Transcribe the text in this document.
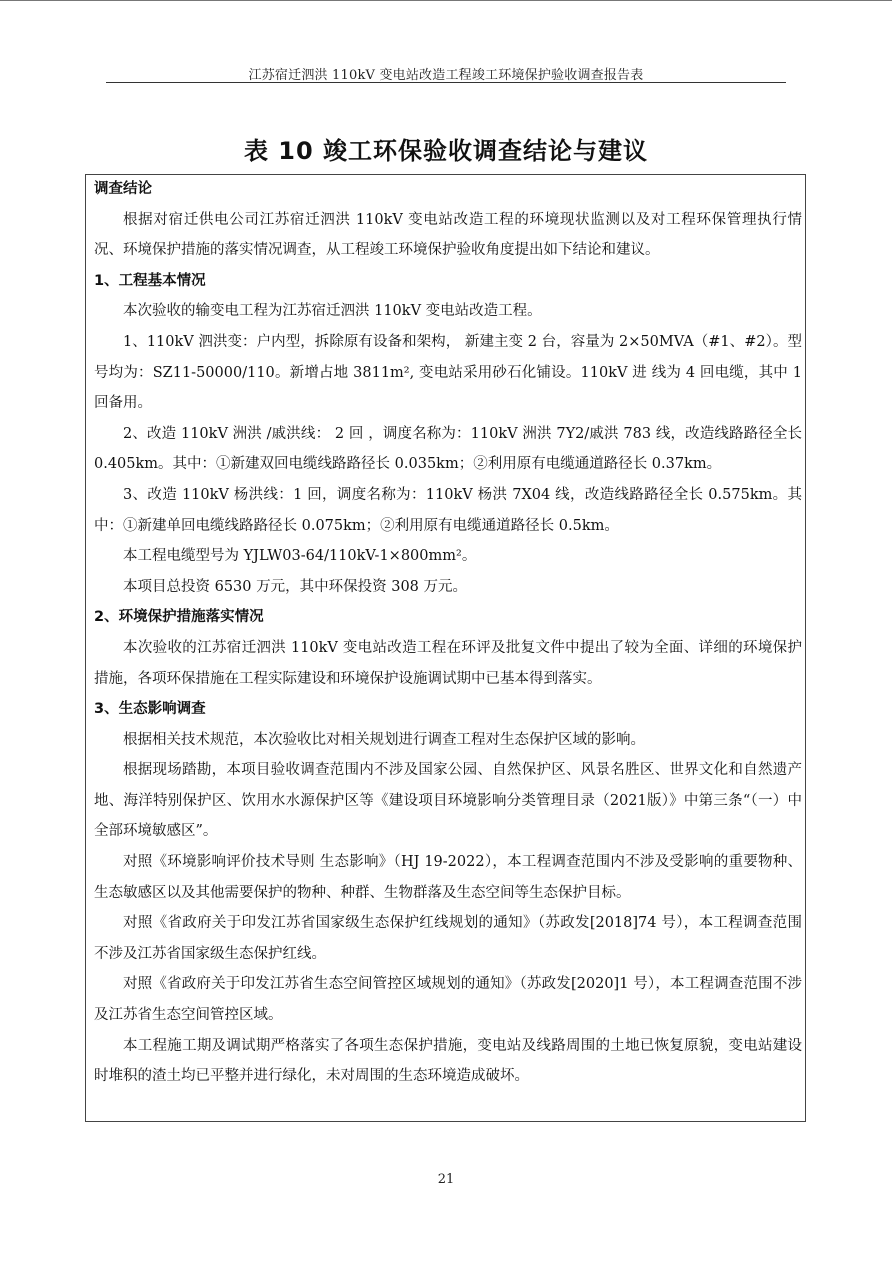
江苏宿迁泗洪 110kV 变电站改造工程竣工环境保护验收调查报告表
表 10 竣工环保验收调查结论与建议

调查结论

根据对宿迁供电公司江苏宿迁泗洪 110kV 变电站改造工程的环境现状监测以及对工程环保管理执行情况、环境保护措施的落实情况调查，从工程竣工环境保护验收角度提出如下结论和建议。

1、工程基本情况

本次验收的输变电工程为江苏宿迁泗洪 110kV 变电站改造工程。

1、110kV 泗洪变：户内型，拆除原有设备和架构， 新建主变 2 台，容量为 2×50MVA（#1、#2）。型号均为：SZ11-50000/110。新增占地 3811m², 变电站采用砂石化铺设。110kV 进 线为 4 回电缆，其中 1 回备用。

2、改造 110kV 洲洪 /戚洪线： 2 回 ，调度名称为：110kV 洲洪 7Y2/戚洪 783 线，改造线路路径全长 0.405km。其中：①新建双回电缆线路路径长 0.035km；②利用原有电缆通道路径长 0.37km。

3、改造 110kV 杨洪线：1 回，调度名称为：110kV 杨洪 7X04 线，改造线路路径全长 0.575km。其中：①新建单回电缆线路路径长 0.075km；②利用原有电缆通道路径长 0.5km。

本工程电缆型号为 YJLW03-64/110kV-1×800mm²。

本项目总投资 6530 万元，其中环保投资 308 万元。

2、环境保护措施落实情况

本次验收的江苏宿迁泗洪 110kV 变电站改造工程在环评及批复文件中提出了较为全面、详细的环境保护措施，各项环保措施在工程实际建设和环境保护设施调试期中已基本得到落实。

3、生态影响调查

根据相关技术规范，本次验收比对相关规划进行调查工程对生态保护区域的影响。

根据现场踏勘，本项目验收调查范围内不涉及国家公园、自然保护区、风景名胜区、世界文化和自然遗产地、海洋特别保护区、饮用水水源保护区等《建设项目环境影响分类管理目录（2021版）》中第三条“（一）中全部环境敏感区”。

对照《环境影响评价技术导则 生态影响》（HJ 19-2022），本工程调查范围内不涉及受影响的重要物种、生态敏感区以及其他需要保护的物种、种群、生物群落及生态空间等生态保护目标。

对照《省政府关于印发江苏省国家级生态保护红线规划的通知》（苏政发[2018]74 号），本工程调查范围不涉及江苏省国家级生态保护红线。

对照《省政府关于印发江苏省生态空间管控区域规划的通知》（苏政发[2020]1 号），本工程调查范围不涉及江苏省生态空间管控区域。

本工程施工期及调试期严格落实了各项生态保护措施，变电站及线路周围的土地已恢复原貌，变电站建设时堆积的渣土均已平整并进行绿化，未对周围的生态环境造成破坏。

21
